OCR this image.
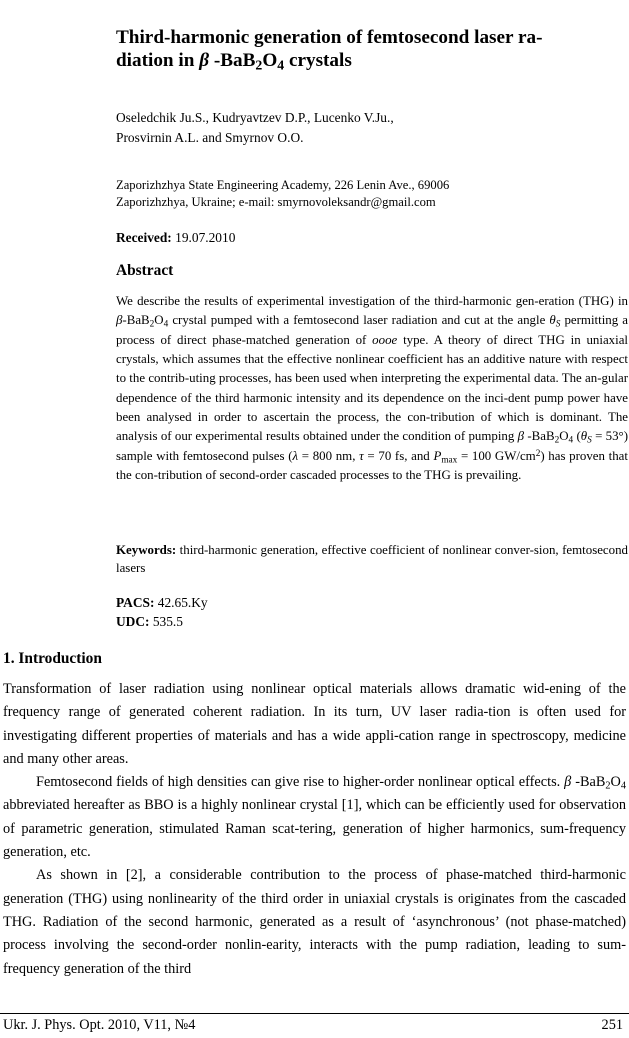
Third-harmonic generation of femtosecond laser ra-
diation in β $-BaB_2O_4$ crystals
Oseledchik Ju.S., Kudryavtzev D.P., Lucenko V.Ju.,
Prosvirnin A.L. and Smyrnov O.O.
Zaporizhzhya State Engineering Academy, 226 Lenin Ave., 69006
Zaporizhzhya, Ukraine; e-mail: smyrnovoleksandr@gmail.com
Received: 19.07.2010
Abstract
We describe the results of experimental investigation of the third-harmonic gen-eration (THG) in $\beta-BaB_2O_4$ crystal pumped with a femtosecond laser radiation and cut at the angle $\theta_S$ permitting a process of direct phase-matched generation of oooe type. A theory of direct THG in uniaxial crystals, which assumes that the effective nonlinear coefficient has an additive nature with respect to the contrib-uting processes, has been used when interpreting the experimental data. The an-gular dependence of the third harmonic intensity and its dependence on the inci-dent pump power have been analysed in order to ascertain the process, the con-tribution of which is dominant. The analysis of our experimental results obtained under the condition of pumping β $-BaB_2O_4$ $(\theta_S = 53^\circ)$ sample with femtosecond pulses (λ = 800 nm, τ = 70 fs, and $P_{max} = 100$ $GW/cm^2$) has proven that the con-tribution of second-order cascaded processes to the THG is prevailing.
Keywords: third-harmonic generation, effective coefficient of nonlinear conver-sion, femtosecond lasers
PACS: 42.65.Ky
UDC: 535.5
1. Introduction

Transformation of laser radiation using nonlinear optical materials allows dramatic wid-ening of the frequency range of generated coherent radiation. In its turn, UV laser radia-tion is often used for investigating different properties of materials and has a wide appli-cation range in spectroscopy, medicine and many other areas.

Femtosecond fields of high densities can give rise to higher-order nonlinear optical effects. β $-BaB_2O_4$ abbreviated hereafter as BBO is a highly nonlinear crystal [1], which can be efficiently used for observation of parametric generation, stimulated Raman scat-tering, generation of higher harmonics, sum-frequency generation, etc.

As shown in [2], a considerable contribution to the process of phase-matched third-harmonic generation (THG) using nonlinearity of the third order in uniaxial crystals is originates from the cascaded THG. Radiation of the second harmonic, generated as a result of ‘asynchronous’ (not phase-matched) process involving the second-order nonlin-earity, interacts with the pump radiation, leading to sum-frequency generation of the third

Ukr. J. Phys. Opt. 2010, V11, №4	251
